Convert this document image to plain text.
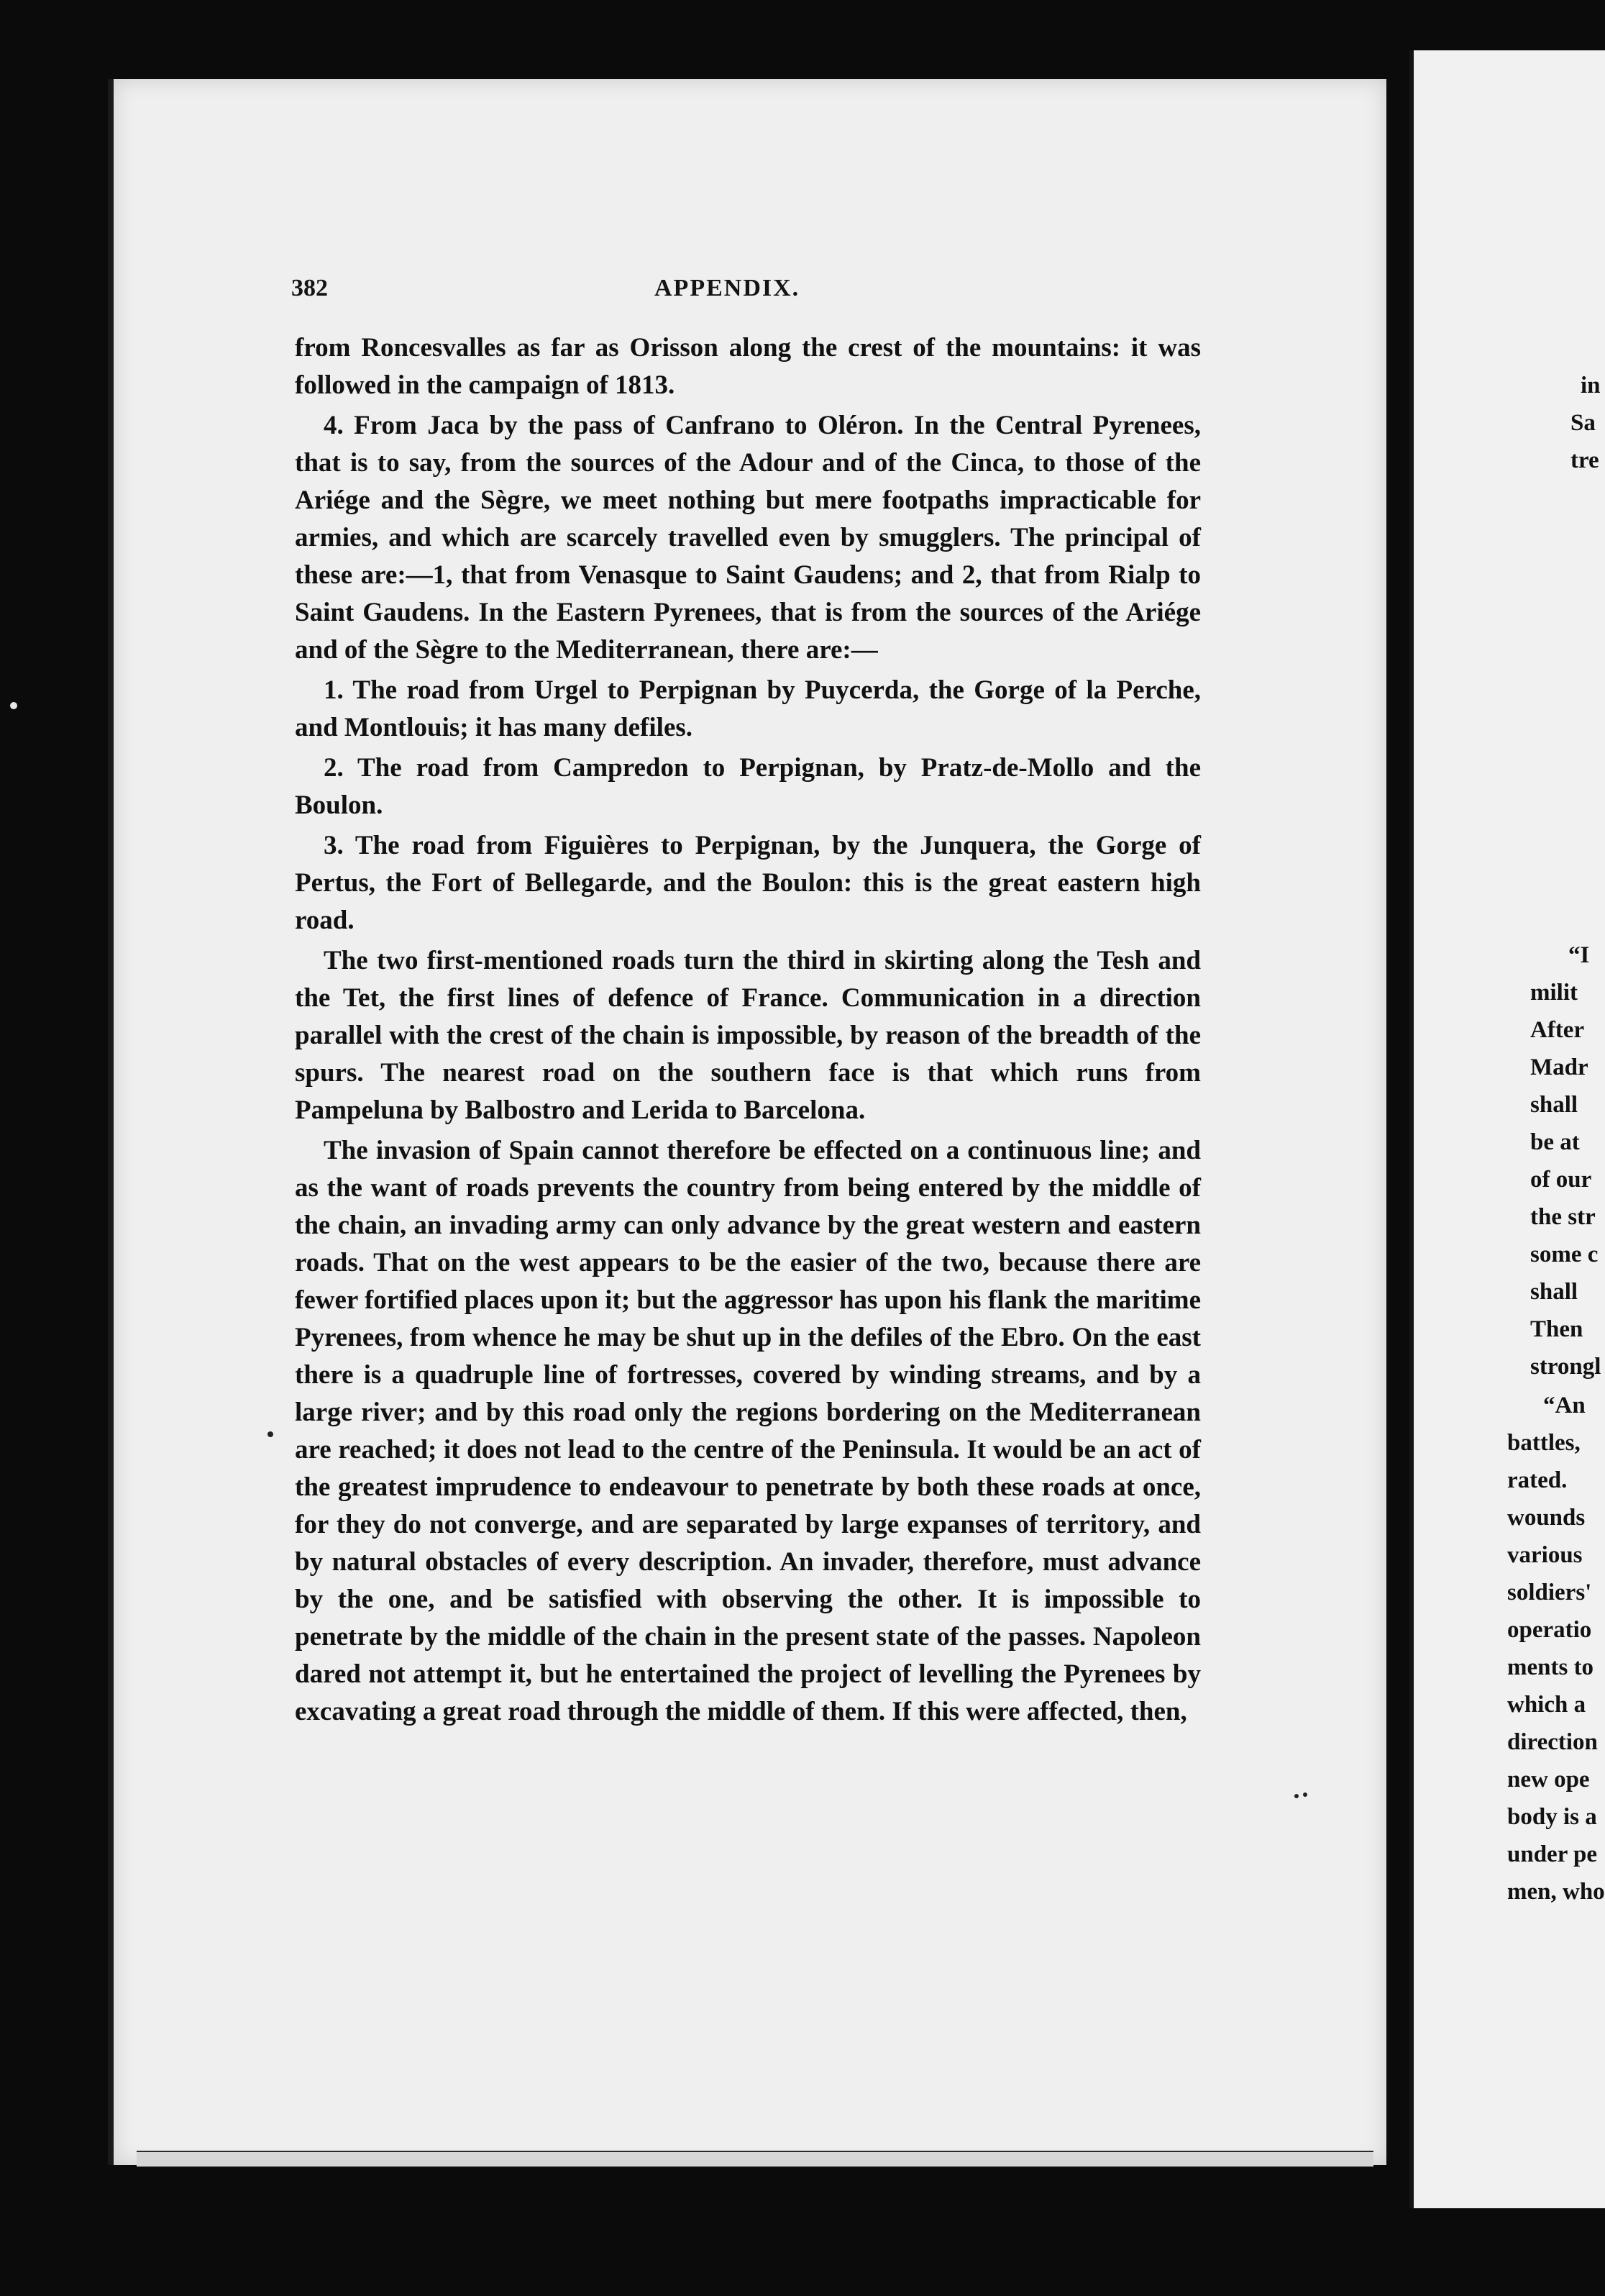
in
Sa
tre
“I
milit
After
Madr
shall
be at
of our
the str
some c
shall
Then
strongl
“An
battles,
rated.
wounds
various
soldiers'
operatio
ments to
which a
direction
new ope
body is a
under pe
men, who
382	APPENDIX.

from Roncesvalles as far as Orisson along the crest of the mountains: it was followed in the campaign of 1813.

4. From Jaca by the pass of Canfrano to Oléron. In the Central Pyrenees, that is to say, from the sources of the Adour and of the Cinca, to those of the Ariége and the Sègre, we meet nothing but mere footpaths impracticable for armies, and which are scarcely travelled even by smugglers. The principal of these are:—1, that from Venasque to Saint Gaudens; and 2, that from Rialp to Saint Gaudens. In the Eastern Pyrenees, that is from the sources of the Ariége and of the Sègre to the Mediterranean, there are:—

1. The road from Urgel to Perpignan by Puycerda, the Gorge of la Perche, and Montlouis; it has many defiles.

2. The road from Campredon to Perpignan, by Pratz-de-Mollo and the Boulon.

3. The road from Figuières to Perpignan, by the Junquera, the Gorge of Pertus, the Fort of Bellegarde, and the Boulon: this is the great eastern high road.

The two first-mentioned roads turn the third in skirting along the Tesh and the Tet, the first lines of defence of France. Communication in a direction parallel with the crest of the chain is impossible, by reason of the breadth of the spurs. The nearest road on the southern face is that which runs from Pampeluna by Balbostro and Lerida to Barcelona.

The invasion of Spain cannot therefore be effected on a continuous line; and as the want of roads prevents the country from being entered by the middle of the chain, an invading army can only advance by the great western and eastern roads. That on the west appears to be the easier of the two, because there are fewer fortified places upon it; but the aggressor has upon his flank the maritime Pyrenees, from whence he may be shut up in the defiles of the Ebro. On the east there is a quadruple line of fortresses, covered by winding streams, and by a large river; and by this road only the regions bordering on the Mediterranean are reached; it does not lead to the centre of the Peninsula. It would be an act of the greatest imprudence to endeavour to penetrate by both these roads at once, for they do not converge, and are separated by large expanses of territory, and by natural obstacles of every description. An invader, therefore, must advance by the one, and be satisfied with observing the other. It is impossible to penetrate by the middle of the chain in the present state of the passes. Napoleon dared not attempt it, but he entertained the project of levelling the Pyrenees by excavating a great road through the middle of them. If this were affected, then,
